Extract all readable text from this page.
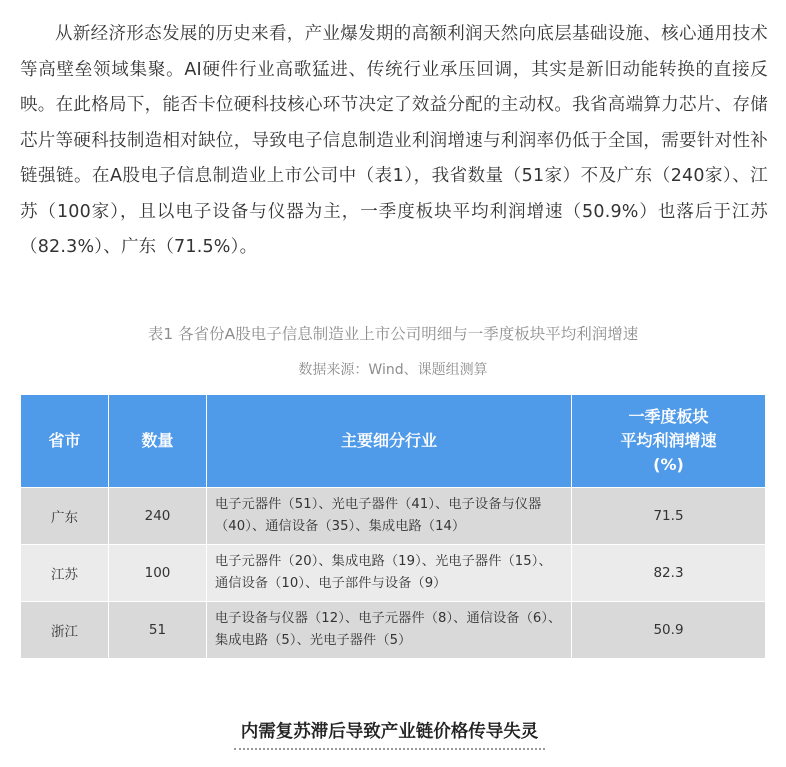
从新经济形态发展的历史来看，产业爆发期的高额利润天然向底层基础设施、核心通用技术等高壁垒领域集聚。AI硬件行业高歌猛进、传统行业承压回调，其实是新旧动能转换的直接反映。在此格局下，能否卡位硬科技核心环节决定了效益分配的主动权。我省高端算力芯片、存储芯片等硬科技制造相对缺位，导致电子信息制造业利润增速与利润率仍低于全国，需要针对性补链强链。在A股电子信息制造业上市公司中（表1），我省数量（51家）不及广东（240家）、江苏（100家），且以电子设备与仪器为主，一季度板块平均利润增速（50.9%）也落后于江苏（82.3%）、广东（71.5%）。

表1 各省份A股电子信息制造业上市公司明细与一季度板块平均利润增速
数据来源：Wind、课题组测算
省市	数量	主要细分行业	一季度板块
平均利润增速
(%)

广东	240	电子元器件（51）、光电子器件（41）、电子设备与仪器（40）、通信设备（35）、集成电路（14）	71.5
江苏	100	电子元器件（20）、集成电路（19）、光电子器件（15）、通信设备（10）、电子部件与设备（9）	82.3
浙江	51	电子设备与仪器（12）、电子元器件（8）、通信设备（6）、集成电路（5）、光电子器件（5）	50.9
内需复苏滞后导致产业链价格传导失灵
